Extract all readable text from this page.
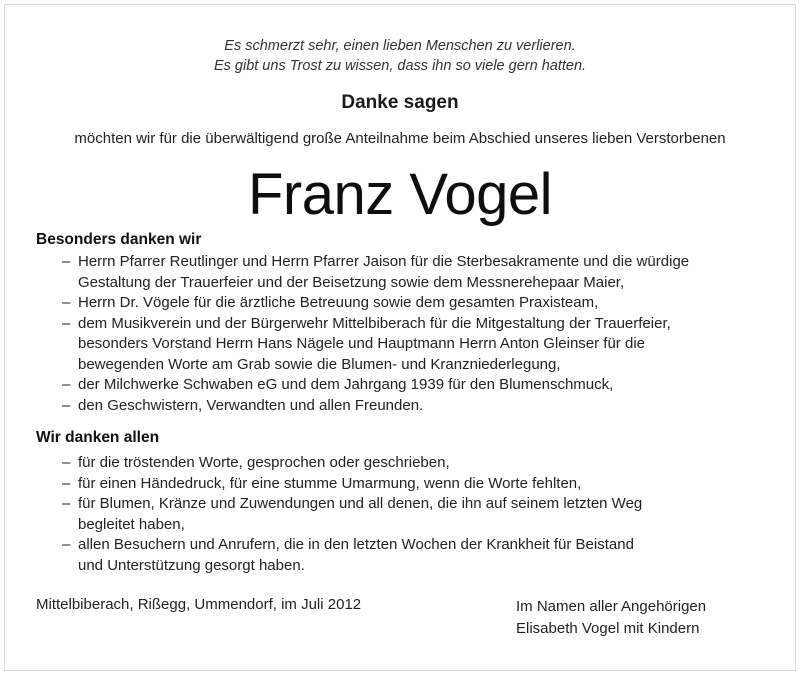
Es schmerzt sehr, einen lieben Menschen zu verlieren.
Es gibt uns Trost zu wissen, dass ihn so viele gern hatten.
Danke sagen
möchten wir für die überwältigend große Anteilnahme beim Abschied unseres lieben Verstorbenen
Franz Vogel
Besonders danken wir
– Herrn Pfarrer Reutlinger und Herrn Pfarrer Jaison für die Sterbesakramente und die würdige
Gestaltung der Trauerfeier und der Beisetzung sowie dem Messnerehepaar Maier,
– Herrn Dr. Vögele für die ärztliche Betreuung sowie dem gesamten Praxisteam,
– dem Musikverein und der Bürgerwehr Mittelbiberach für die Mitgestaltung der Trauerfeier,
besonders Vorstand Herrn Hans Nägele und Hauptmann Herrn Anton Gleinser für die
bewegenden Worte am Grab sowie die Blumen- und Kranzniederlegung,
– der Milchwerke Schwaben eG und dem Jahrgang 1939 für den Blumenschmuck,
– den Geschwistern, Verwandten und allen Freunden.
Wir danken allen
– für die tröstenden Worte, gesprochen oder geschrieben,
– für einen Händedruck, für eine stumme Umarmung, wenn die Worte fehlten,
– für Blumen, Kränze und Zuwendungen und all denen, die ihn auf seinem letzten Weg
begleitet haben,
– allen Besuchern und Anrufern, die in den letzten Wochen der Krankheit für Beistand
und Unterstützung gesorgt haben.
Mittelbiberach, Rißegg, Ummendorf, im Juli 2012	Im Namen aller Angehörigen
Elisabeth Vogel mit Kindern
